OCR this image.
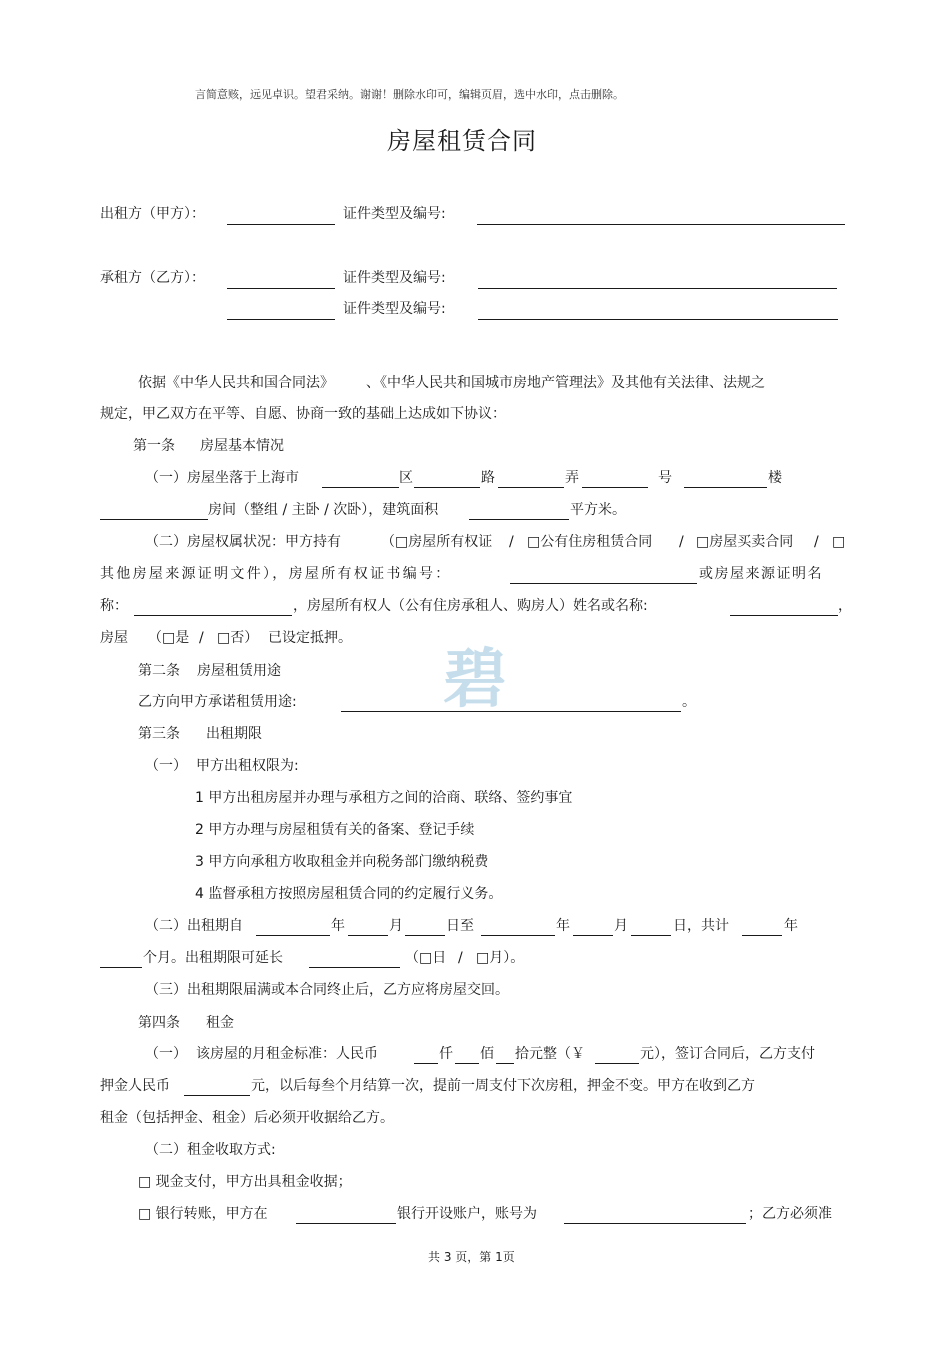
言简意赅，远见卓识。望君采纳。谢谢！删除水印可，编辑页眉，选中水印，点击删除。
房屋租赁合同
出租方（甲方）：	证件类型及编号:
承租方（乙方）：	证件类型及编号:
证件类型及编号:
依据《中华人民共和国合同法》 、《中华人民共和国城市房地产管理法》及其他有关法律、法规之
规定，甲乙双方在平等、自愿、协商一致的基础上达成如下协议：
第一条 房屋基本情况
（一）房屋坐落于上海市	区	路	弄	号	楼
房间（整组 / 主卧 / 次卧），建筑面积	平方米。
（二）房屋权属状况：甲方持有	（□房屋所有权证 / □公有住房租赁合同 / □房屋买卖合同 / □
其他房屋来源证明文件），房屋所有权证书编号：	或房屋来源证明名
称：	，房屋所有权人（公有住房承租人、购房人）姓名或名称:	，
房屋 （□是 / □否） 已设定抵押。
第二条 房屋租赁用途
乙方向甲方承诺租赁用途:	。
碧
第三条 出租期限
（一） 甲方出租权限为:
1 甲方出租房屋并办理与承租方之间的洽商、联络、签约事宜
2 甲方办理与房屋租赁有关的备案、登记手续
3 甲方向承租方收取租金并向税务部门缴纳税费
4 监督承租方按照房屋租赁合同的约定履行义务。
（二）出租期自	年	月	日至	年	月	日，共计	年
个月。出租期限可延长	（□日 / □月）。
（三）出租期限届满或本合同终止后，乙方应将房屋交回。
第四条 租金
（一） 该房屋的月租金标准：人民币	仟 佰 拾元整（￥	元），签订合同后，乙方支付
押金人民币	元，以后每叁个月结算一次，提前一周支付下次房租，押金不变。甲方在收到乙方
租金（包括押金、租金）后必须开收据给乙方。
（二）租金收取方式:
□ 现金支付，甲方出具租金收据；
□ 银行转账，甲方在	银行开设账户，账号为	；乙方必须准
共 3 页，第 1页
